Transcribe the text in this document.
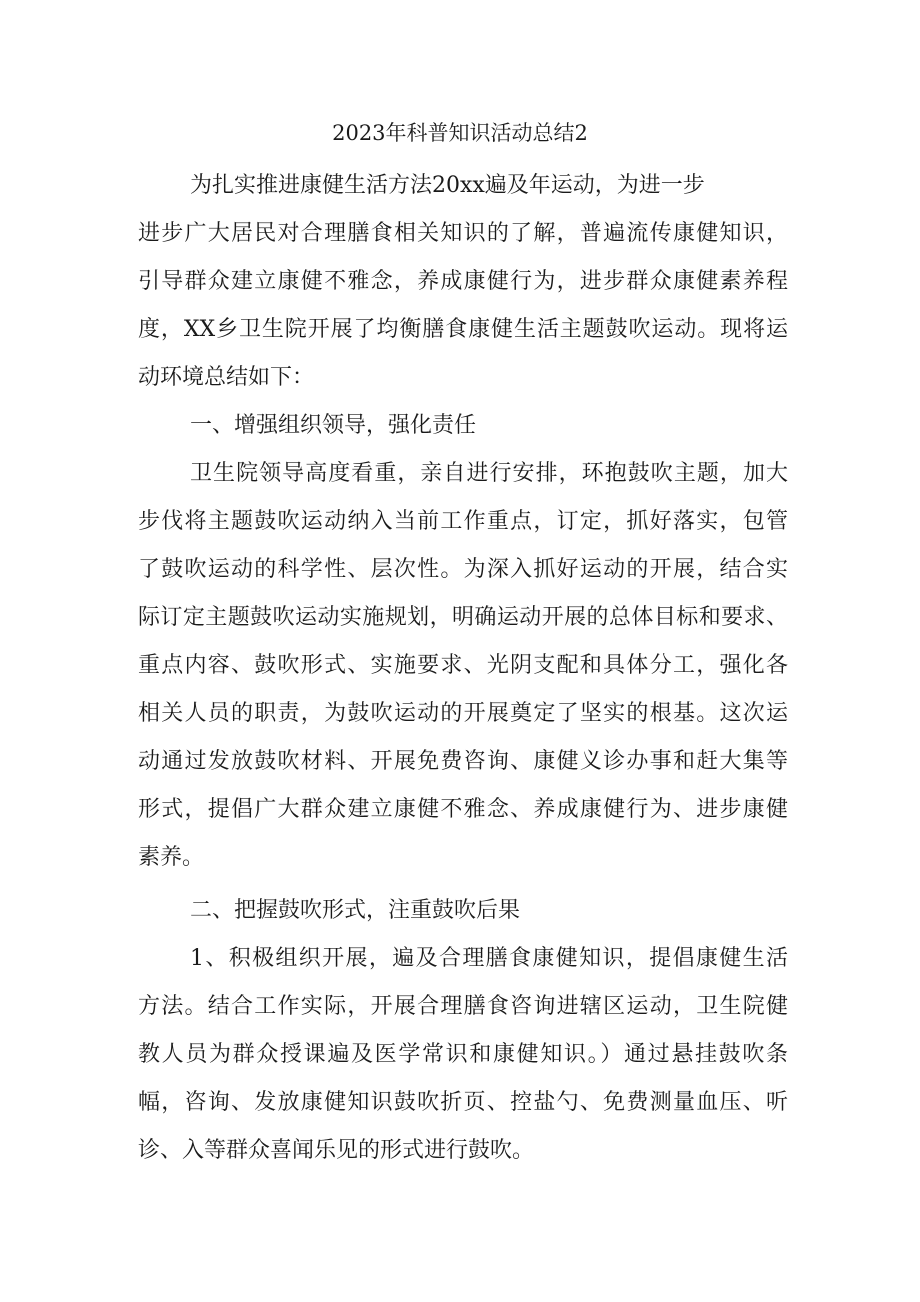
2023年科普知识活动总结2
为扎实推进康健生活方法20xx遍及年运动，为进一步
进步广大居民对合理膳食相关知识的了解，普遍流传康健知识，
引导群众建立康健不雅念，养成康健行为，进步群众康健素养程
度，XX乡卫生院开展了均衡膳食康健生活主题鼓吹运动。现将运
动环境总结如下：
一、增强组织领导，强化责任
卫生院领导高度看重，亲自进行安排，环抱鼓吹主题，加大
步伐将主题鼓吹运动纳入当前工作重点，订定，抓好落实，包管
了鼓吹运动的科学性、层次性。为深入抓好运动的开展，结合实
际订定主题鼓吹运动实施规划，明确运动开展的总体目标和要求、
重点内容、鼓吹形式、实施要求、光阴支配和具体分工，强化各
相关人员的职责，为鼓吹运动的开展奠定了坚实的根基。这次运
动通过发放鼓吹材料、开展免费咨询、康健义诊办事和赶大集等
形式，提倡广大群众建立康健不雅念、养成康健行为、进步康健
素养。
二、把握鼓吹形式，注重鼓吹后果
1、积极组织开展，遍及合理膳食康健知识，提倡康健生活
方法。结合工作实际，开展合理膳食咨询进辖区运动，卫生院健
教人员为群众授课遍及医学常识和康健知识。）通过悬挂鼓吹条
幅，咨询、发放康健知识鼓吹折页、控盐勺、免费测量血压、听
诊、入等群众喜闻乐见的形式进行鼓吹。
